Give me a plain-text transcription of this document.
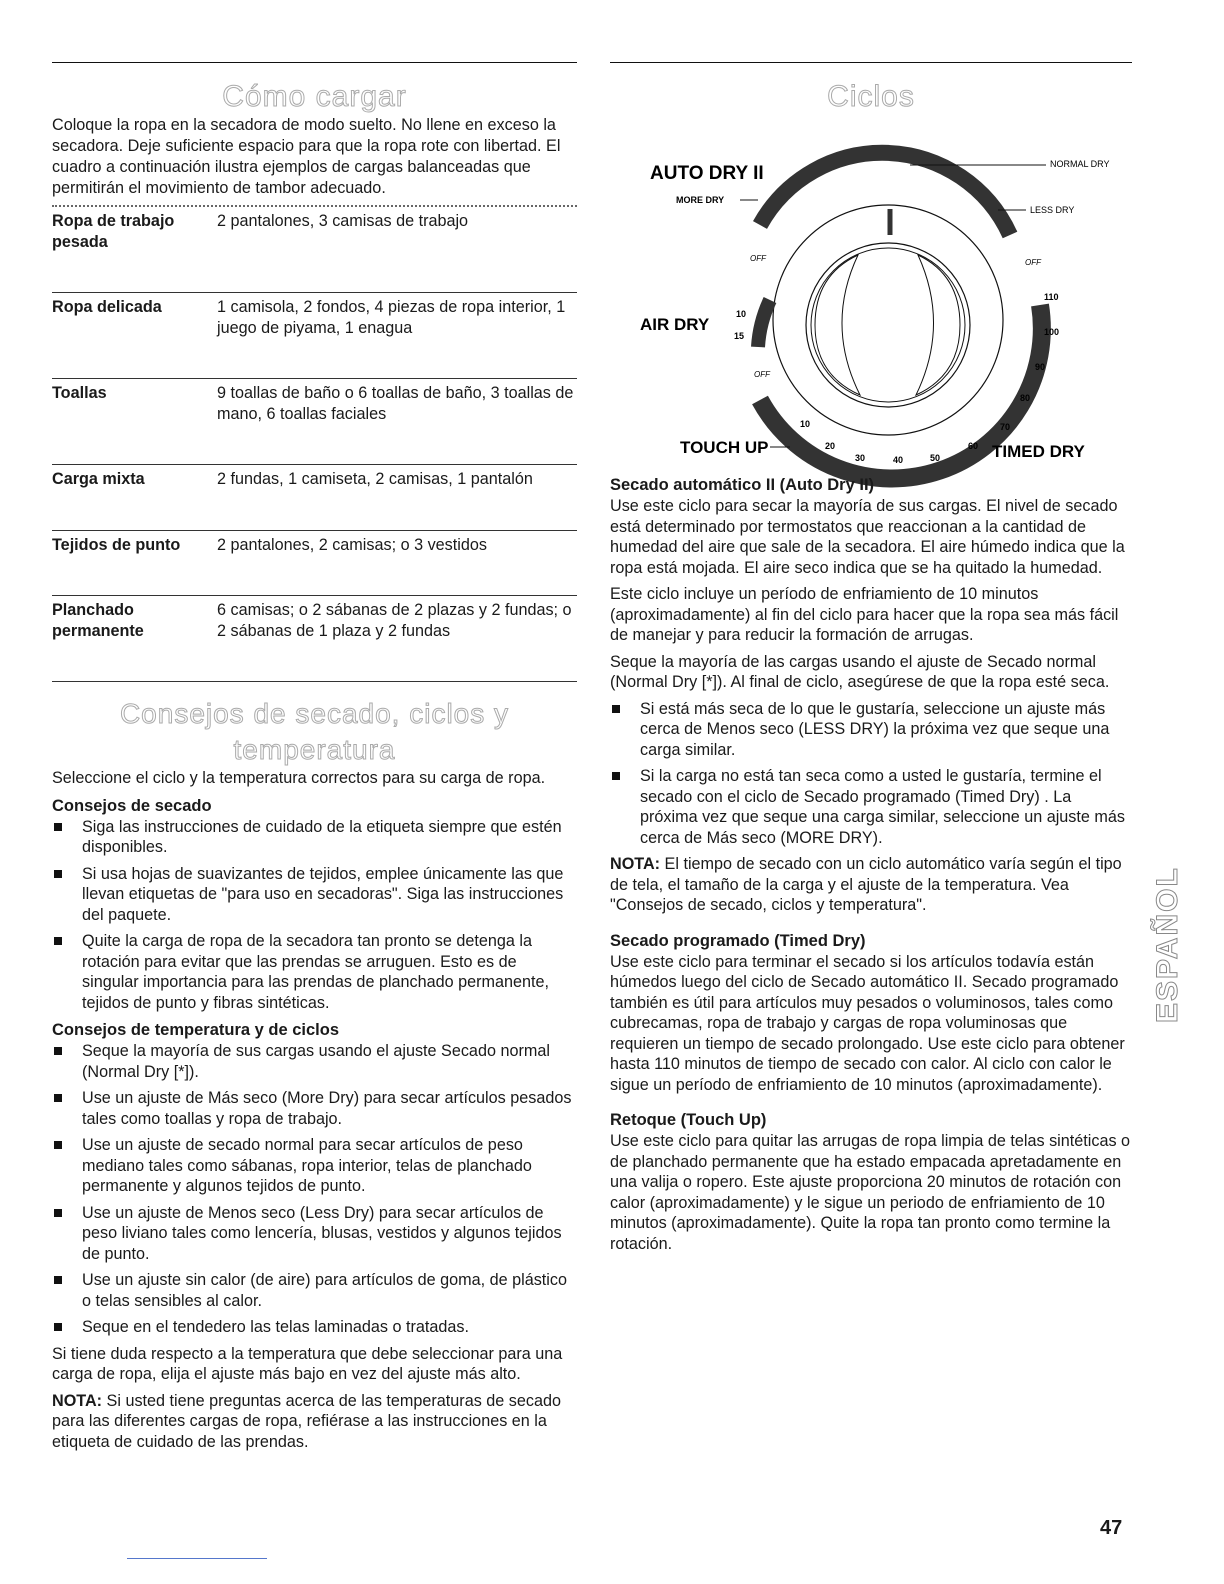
Cómo cargar

Coloque la ropa en la secadora de modo suelto. No llene en exceso la secadora. Deje suficiente espacio para que la ropa rote con libertad. El cuadro a continuación ilustra ejemplos de cargas balanceadas que permitirán el movimiento de tambor adecuado.

Ropa de trabajo pesada	2 pantalones, 3 camisas de trabajo
Ropa delicada	1 camisola, 2 fondos, 4 piezas de ropa interior, 1 juego de piyama, 1 enagua
Toallas	9 toallas de baño o 6 toallas de baño, 3 toallas de mano, 6 toallas faciales
Carga mixta	2 fundas, 1 camiseta, 2 camisas, 1 pantalón
Tejidos de punto	2 pantalones, 2 camisas; o 3 vestidos
Planchado permanente	6 camisas; o 2 sábanas de 2 plazas y 2 fundas; o 2 sábanas de 1 plaza y 2 fundas
Consejos de secado, ciclos y temperatura

Seleccione el ciclo y la temperatura correctos para su carga de ropa.

Consejos de secado
Siga las instrucciones de cuidado de la etiqueta siempre que estén disponibles.
Si usa hojas de suavizantes de tejidos, emplee únicamente las que llevan etiquetas de "para uso en secadoras". Siga las instrucciones del paquete.
Quite la carga de ropa de la secadora tan pronto se detenga la rotación para evitar que las prendas se arruguen. Esto es de singular importancia para las prendas de planchado permanente, tejidos de punto y fibras sintéticas.
Consejos de temperatura y de ciclos
Seque la mayoría de sus cargas usando el ajuste Secado normal (Normal Dry [*]).
Use un ajuste de Más seco (More Dry) para secar artículos pesados tales como toallas y ropa de trabajo.
Use un ajuste de secado normal para secar artículos de peso mediano tales como sábanas, ropa interior, telas de planchado permanente y algunos tejidos de punto.
Use un ajuste de Menos seco (Less Dry) para secar artículos de peso liviano tales como lencería, blusas, vestidos y algunos tejidos de punto.
Use un ajuste sin calor (de aire) para artículos de goma, de plástico o telas sensibles al calor.
Seque en el tendedero las telas laminadas o tratadas.

Si tiene duda respecto a la temperatura que debe seleccionar para una carga de ropa, elija el ajuste más bajo en vez del ajuste más alto.

NOTA: Si usted tiene preguntas acerca de las temperaturas de secado para las diferentes cargas de ropa, refiérase a las instrucciones en la etiqueta de cuidado de las prendas.

Ciclos
AUTO DRY II
MORE DRY
NORMAL DRY
LESS DRY
OFF	OFF
OFF
AIR DRY
10
15
TOUCH UP	TIMED DRY
10
20
30	40	50
60
70
80
90
100
110
Secado automático II (Auto Dry II)

Use este ciclo para secar la mayoría de sus cargas. El nivel de secado está determinado por termostatos que reaccionan a la cantidad de humedad del aire que sale de la secadora. El aire húmedo indica que la ropa está mojada. El aire seco indica que se ha quitado la humedad.

Este ciclo incluye un período de enfriamiento de 10 minutos (aproximadamente) al fin del ciclo para hacer que la ropa sea más fácil de manejar y para reducir la formación de arrugas.

Seque la mayoría de las cargas usando el ajuste de Secado normal (Normal Dry [*]). Al final de ciclo, asegúrese de que la ropa esté seca.

Si está más seca de lo que le gustaría, seleccione un ajuste más cerca de Menos seco (LESS DRY) la próxima vez que seque una carga similar.
Si la carga no está tan seca como a usted le gustaría, termine el secado con el ciclo de Secado programado (Timed Dry) . La próxima vez que seque una carga similar, seleccione un ajuste más cerca de Más seco (MORE DRY).

NOTA: El tiempo de secado con un ciclo automático varía según el tipo de tela, el tamaño de la carga y el ajuste de la temperatura. Vea "Consejos de secado, ciclos y temperatura".

Secado programado (Timed Dry)

Use este ciclo para terminar el secado si los artículos todavía están húmedos luego del ciclo de Secado automático II. Secado programado también es útil para artículos muy pesados o voluminosos, tales como cubrecamas, ropa de trabajo y cargas de ropa voluminosas que requieren un tiempo de secado prolongado. Use este ciclo para obtener hasta 110 minutos de tiempo de secado con calor. Al ciclo con calor le sigue un período de enfriamiento de 10 minutos (aproximadamente).

Retoque (Touch Up)

Use este ciclo para quitar las arrugas de ropa limpia de telas sintéticas o de planchado permanente que ha estado empacada apretadamente en una valija o ropero. Este ajuste proporciona 20 minutos de rotación con calor (aproximadamente) y le sigue un periodo de enfriamiento de 10 minutos (aproximadamente). Quite la ropa tan pronto como termine la rotación.

ESPAÑOL
47
